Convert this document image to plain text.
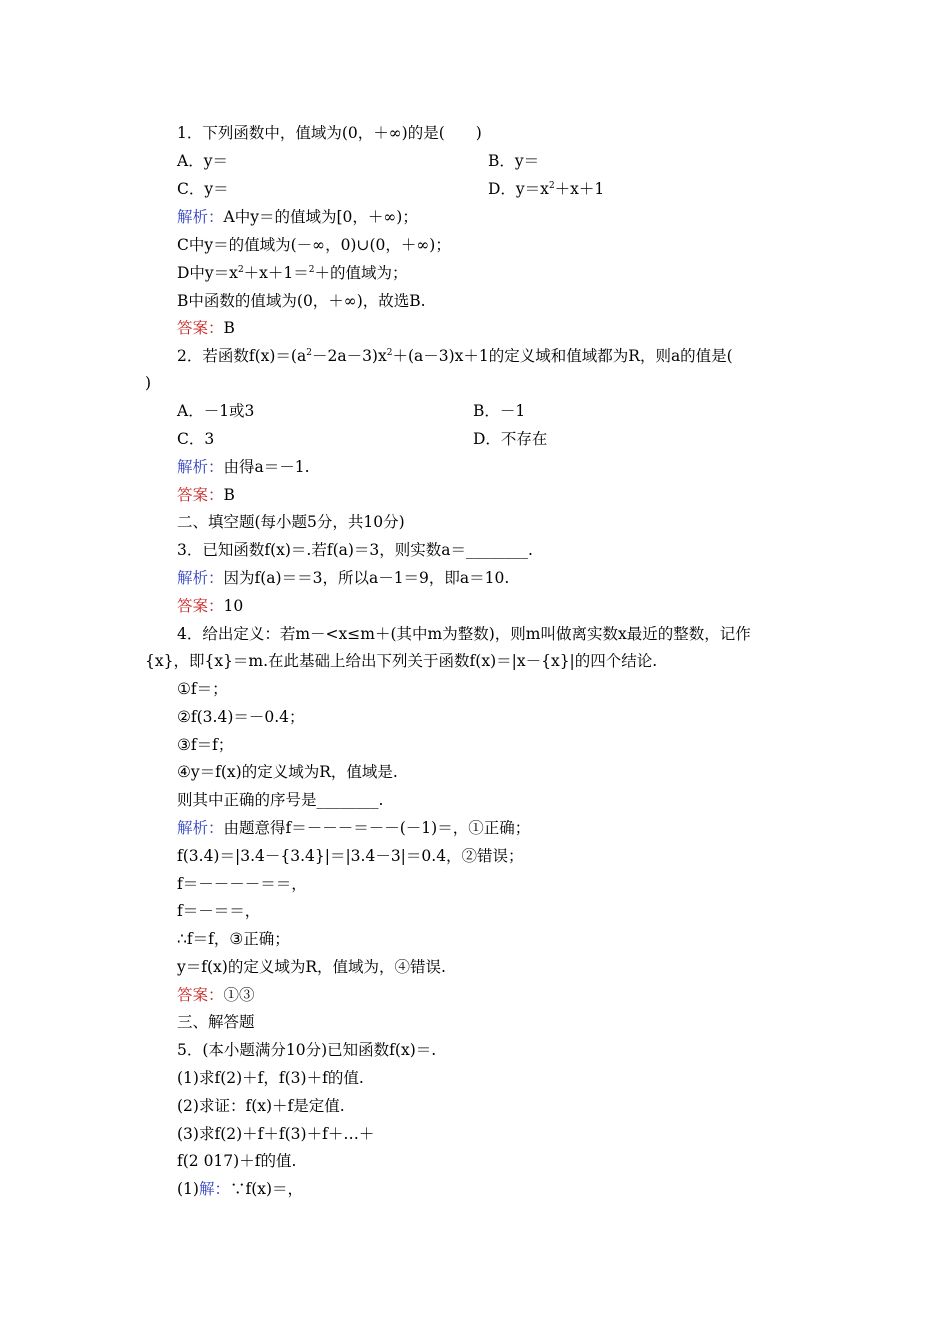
1．下列函数中，值域为(0，＋∞)的是(　　)
A．y＝	B．y＝
C．y＝	D．$y=x^2+x+1$
解析：A中y＝的值域为[0，＋∞)；
C中y＝的值域为(－∞，0)∪(0，＋∞)；
D中$y=x^2+x+1=^2+$的值域为；
B中函数的值域为(0，＋∞)，故选B.
答案：B
2．若函数$f(x)=(a^2-2a-3)x^2+(a-3)x+1$的定义域和值域都为R，则a的值是(
)
A．－1或3	B．－1
C．3	D．不存在
解析：由得a＝－1.
答案：B
二、填空题(每小题5分，共10分)
3．已知函数f(x)＝.若f(a)＝3，则实数a＝________.
解析：因为f(a)＝＝3，所以a－1＝9，即a＝10.
答案：10
4．给出定义：若m－<x≤m＋(其中m为整数)，则m叫做离实数x最近的整数，记作
{x}，即{x}＝m.在此基础上给出下列关于函数f(x)＝|x－{x}|的四个结论.
①f＝；
②f(3.4)＝－0.4；
③f＝f；
④y＝f(x)的定义域为R，值域是.
则其中正确的序号是________.
解析：由题意得f＝－－－＝－－(－1)＝，①正确；
f(3.4)＝|3.4－{3.4}|＝|3.4－3|＝0.4，②错误；
f＝－－－－＝＝，
f＝－＝＝，
∴f＝f，③正确；
y＝f(x)的定义域为R，值域为，④错误.
答案：①③
三、解答题
5．(本小题满分10分)已知函数f(x)＝.
(1)求f(2)＋f，f(3)＋f的值.
(2)求证：f(x)＋f是定值.
(3)求f(2)＋f＋f(3)＋f＋…＋
f(2 017)＋f的值.
(1)解：∵f(x)＝，
